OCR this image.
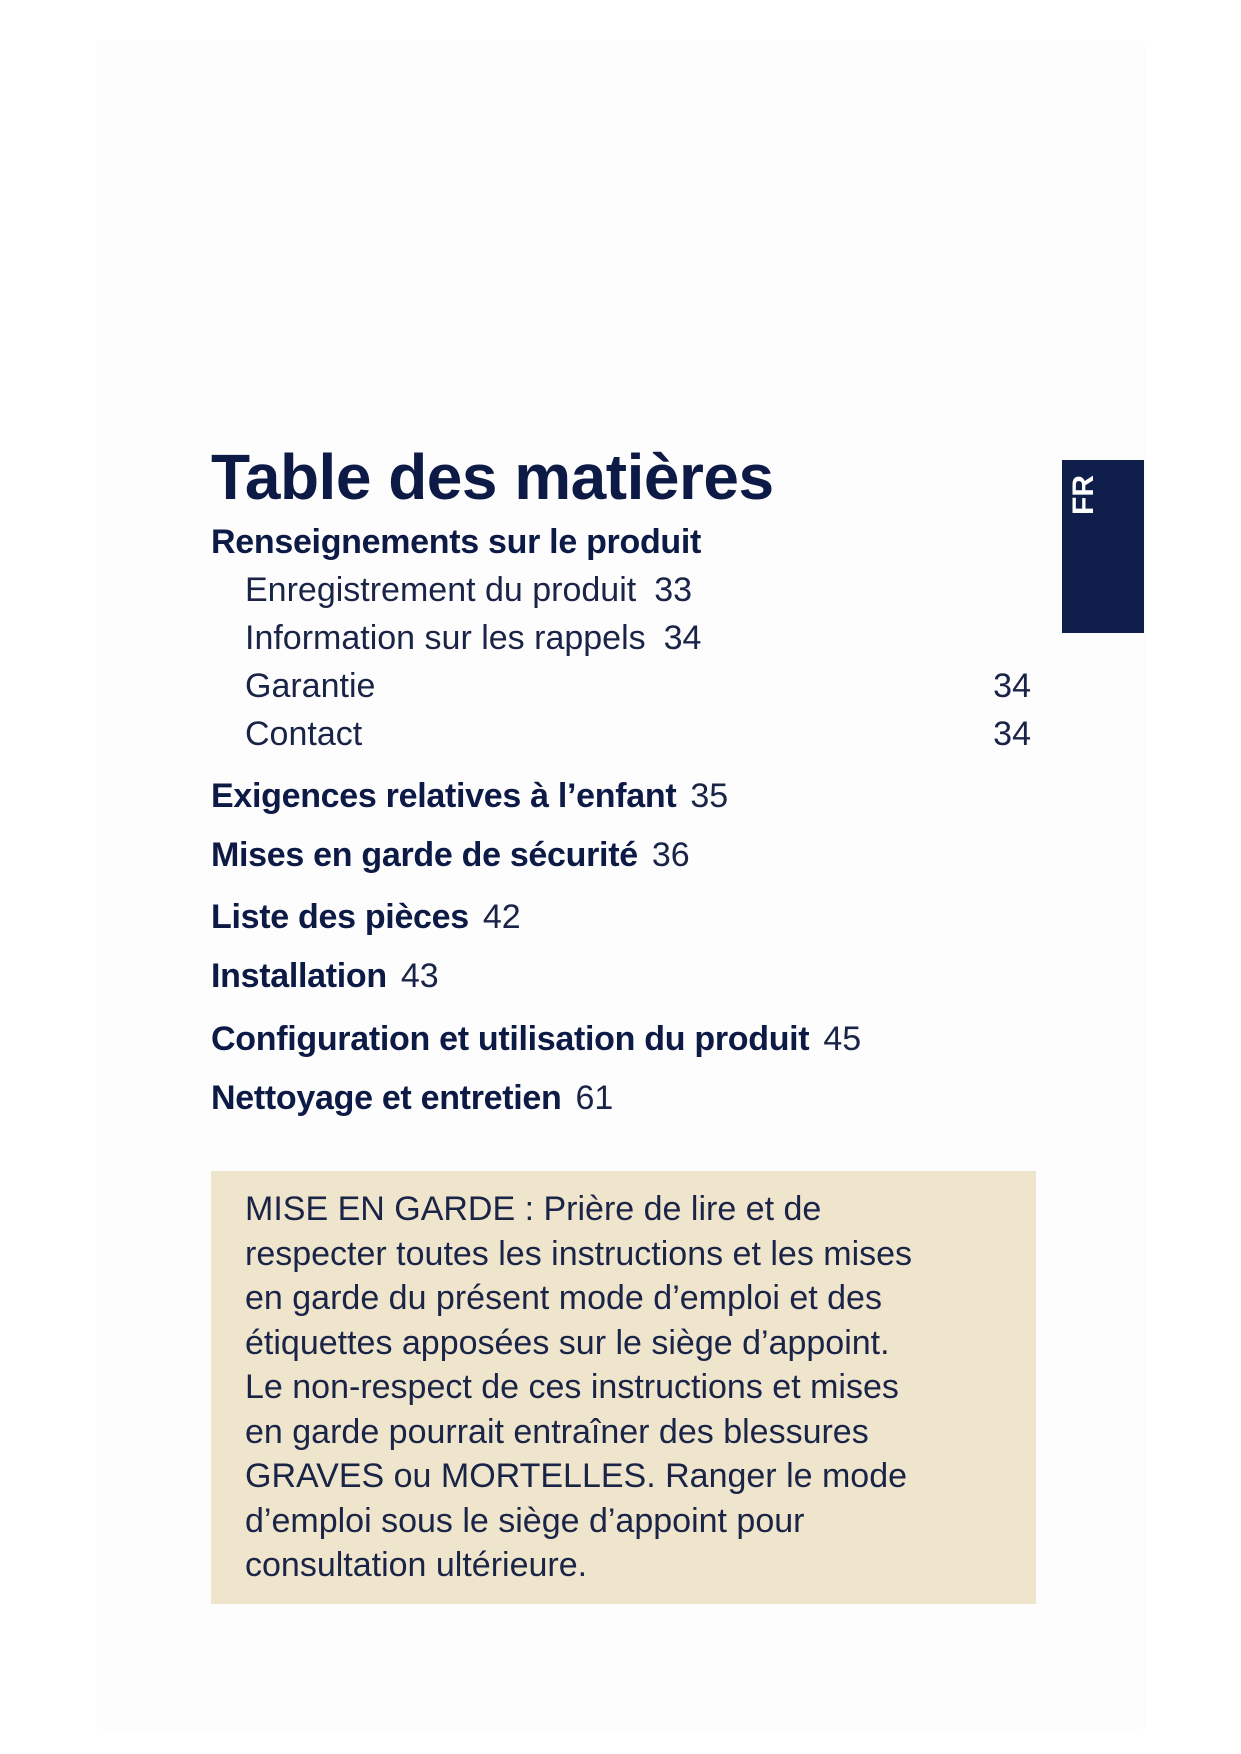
Table des matières	FR
Renseignements sur le produit
Enregistrement du produit 33
Information sur les rappels 34
Garantie	34
Contact	34
Exigences relatives à l’enfant 35
Mises en garde de sécurité 36
Liste des pièces 42
Installation 43
Configuration et utilisation du produit 45
Nettoyage et entretien 61

MISE EN GARDE : Prière de lire et de
respecter toutes les instructions et les mises
en garde du présent mode d’emploi et des
étiquettes apposées sur le siège d’appoint.
Le non-respect de ces instructions et mises
en garde pourrait entraîner des blessures
GRAVES ou MORTELLES. Ranger le mode
d’emploi sous le siège d’appoint pour
consultation ultérieure.
